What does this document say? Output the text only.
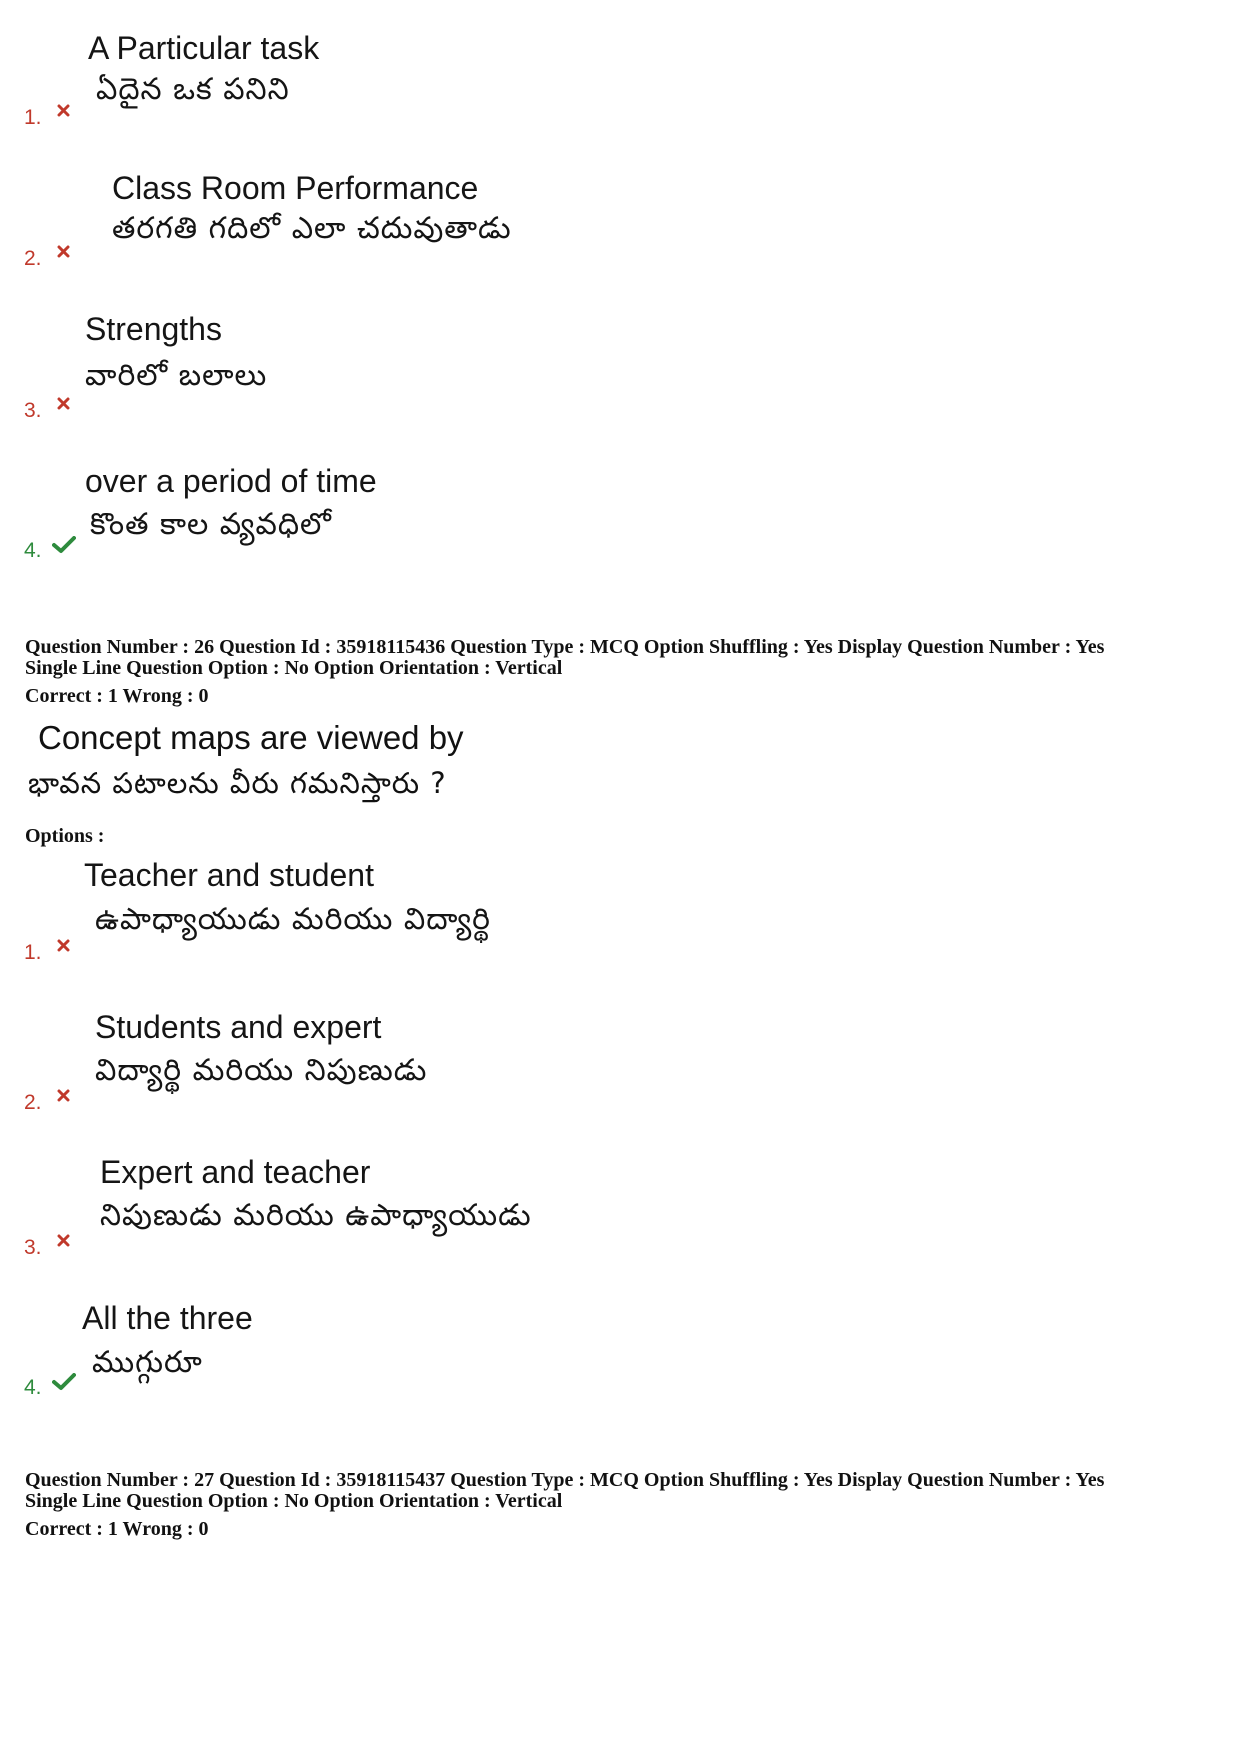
A Particular task
ఏదైన ఒక పనిని
1.
Class Room Performance
తరగతి గదిలో ఎలా చదువుతాడు
2.
Strengths
వారిలో బలాలు
3.
over a period of time
కొంత కాల వ్యవధిలో
4.
Question Number : 26 Question Id : 35918115436 Question Type : MCQ Option Shuffling : Yes Display Question Number : Yes
Single Line Question Option : No Option Orientation : Vertical
Correct : 1 Wrong : 0
Concept maps are viewed by
భావన పటాలను వీరు గమనిస్తారు ?
Options :
Teacher and student
ఉపాధ్యాయుడు మరియు విద్యార్థి
1.
Students and expert
విద్యార్థి మరియు నిపుణుడు
2.
Expert and teacher
నిపుణుడు మరియు ఉపాధ్యాయుడు
3.
All the three
ముగ్గురూ
4.
Question Number : 27 Question Id : 35918115437 Question Type : MCQ Option Shuffling : Yes Display Question Number : Yes
Single Line Question Option : No Option Orientation : Vertical
Correct : 1 Wrong : 0
